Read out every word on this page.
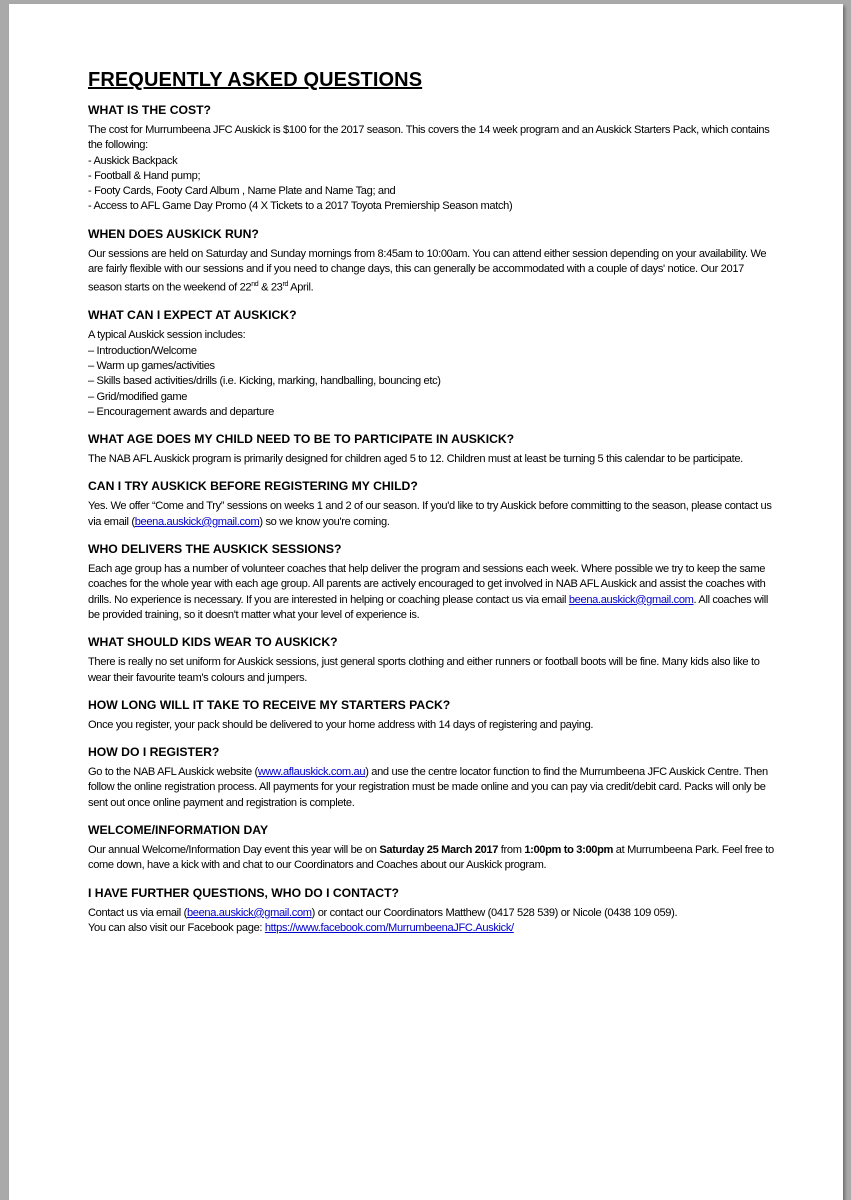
FREQUENTLY ASKED QUESTIONS
WHAT IS THE COST?

The cost for Murrumbeena JFC Auskick is $100 for the 2017 season. This covers the 14 week program and an Auskick Starters Pack, which contains the following:
- Auskick Backpack
- Football & Hand pump;
- Footy Cards, Footy Card Album , Name Plate and Name Tag; and
- Access to AFL Game Day Promo (4 X Tickets to a 2017 Toyota Premiership Season match)

WHEN DOES AUSKICK RUN?

Our sessions are held on Saturday and Sunday mornings from 8:45am to 10:00am. You can attend either session depending on your availability. We are fairly flexible with our sessions and if you need to change days, this can generally be accommodated with a couple of days' notice. Our 2017 season starts on the weekend of 22nd & 23rd April.

WHAT CAN I EXPECT AT AUSKICK?

A typical Auskick session includes:
– Introduction/Welcome
– Warm up games/activities
– Skills based activities/drills (i.e. Kicking, marking, handballing, bouncing etc)
– Grid/modified game
– Encouragement awards and departure

WHAT AGE DOES MY CHILD NEED TO BE TO PARTICIPATE IN AUSKICK?

The NAB AFL Auskick program is primarily designed for children aged 5 to 12. Children must at least be turning 5 this calendar to be participate.

CAN I TRY AUSKICK BEFORE REGISTERING MY CHILD?

Yes. We offer “Come and Try” sessions on weeks 1 and 2 of our season. If you'd like to try Auskick before committing to the season, please contact us via email (beena.auskick@gmail.com) so we know you're coming.

WHO DELIVERS THE AUSKICK SESSIONS?

Each age group has a number of volunteer coaches that help deliver the program and sessions each week. Where possible we try to keep the same coaches for the whole year with each age group. All parents are actively encouraged to get involved in NAB AFL Auskick and assist the coaches with drills. No experience is necessary. If you are interested in helping or coaching please contact us via email beena.auskick@gmail.com. All coaches will be provided training, so it doesn't matter what your level of experience is.

WHAT SHOULD KIDS WEAR TO AUSKICK?

There is really no set uniform for Auskick sessions, just general sports clothing and either runners or football boots will be fine. Many kids also like to wear their favourite team's colours and jumpers.

HOW LONG WILL IT TAKE TO RECEIVE MY STARTERS PACK?

Once you register, your pack should be delivered to your home address with 14 days of registering and paying.

HOW DO I REGISTER?

Go to the NAB AFL Auskick website (www.aflauskick.com.au) and use the centre locator function to find the Murrumbeena JFC Auskick Centre. Then follow the online registration process. All payments for your registration must be made online and you can pay via credit/debit card. Packs will only be sent out once online payment and registration is complete.

WELCOME/INFORMATION DAY

Our annual Welcome/Information Day event this year will be on Saturday 25 March 2017 from 1:00pm to 3:00pm at Murrumbeena Park. Feel free to come down, have a kick with and chat to our Coordinators and Coaches about our Auskick program.

I HAVE FURTHER QUESTIONS, WHO DO I CONTACT?

Contact us via email (beena.auskick@gmail.com) or contact our Coordinators Matthew (0417 528 539) or Nicole (0438 109 059).
You can also visit our Facebook page: https://www.facebook.com/MurrumbeenaJFC.Auskick/
